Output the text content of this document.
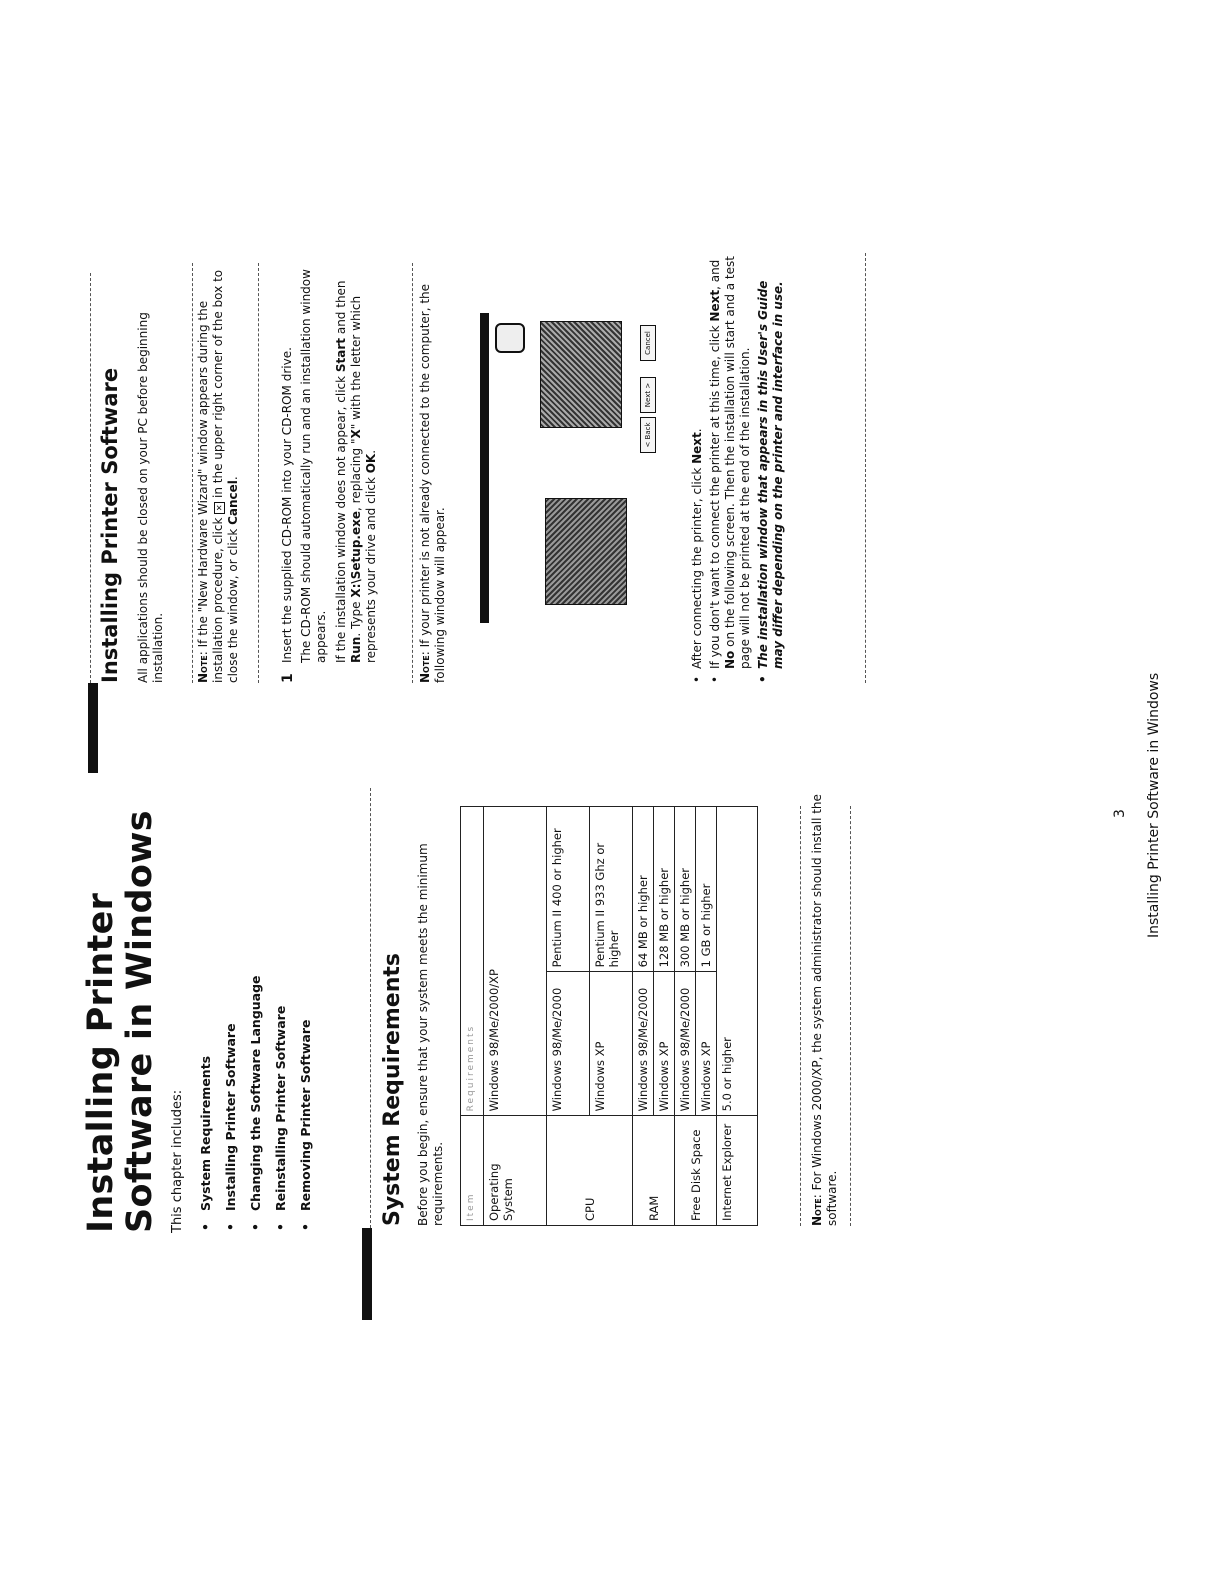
Installing Printer
Software in Windows This chapter includes: • System Requirements • Installing Printer Software • Changing the Software Language • Reinstalling Printer Software • Removing Printer Software	System Requirements Before you begin, ensure that your system meets the minimum requirements. Item	Requirements	
Operating System	Windows 98/Me/2000/XP	
CPU	Windows 98/Me/2000	Pentium II 400 or higher
	Windows XP	Pentium II 933 Ghz or higher
RAM	Windows 98/Me/2000	64 MB or higher
	Windows XP	128 MB or higher
Free Disk Space	Windows 98/Me/2000	300 MB or higher
	Windows XP	1 GB or higher
Internet Explorer	5.0 or higher	
Note: For Windows 2000/XP, the system administrator should install the software.
Installing Printer Software All applications should be closed on your PC before beginning installation.	Note: If the "New Hardware Wizard" window appears during the installation procedure, click ✕ in the upper right corner of the box to close the window, or click Cancel.
1
Insert the supplied CD-ROM into your CD-ROM drive. The CD-ROM should automatically run and an installation window appears. If the installation window does not appear, click Start and then Run. Type X:\Setup.exe, replacing "X" with the letter which represents your drive and click OK.
Note: If your printer is not already connected to the computer, the following window will appear.
< Back
Next >
Cancel
• After connecting the printer, click Next. • If you don't want to connect the printer at this time, click Next, and No on the following screen. Then the installation will start and a test page will not be printed at the end of the installation. • The installation window that appears in this User's Guide may differ depending on the printer and interface in use.
3 Installing Printer Software in Windows
